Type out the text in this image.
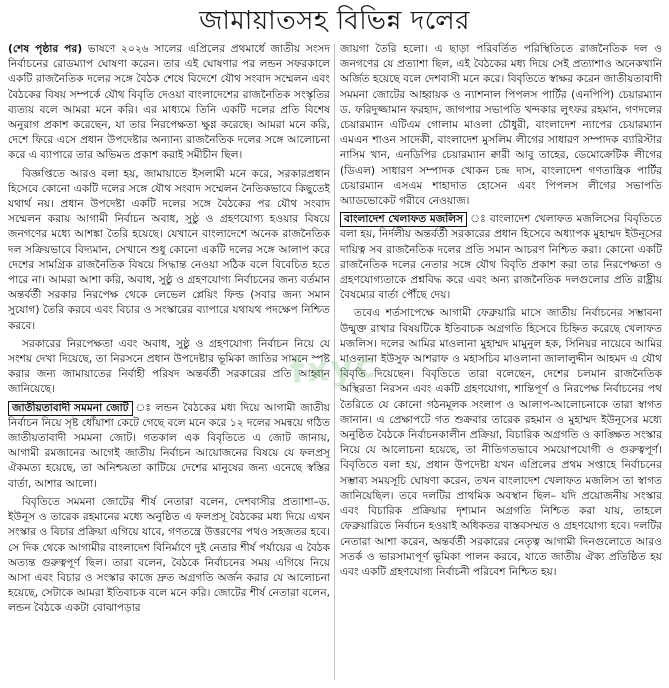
জামায়াতসহ বিভিন্ন দলের

(শেষ পৃষ্ঠার পর) ভাষণে ২০২৬ সালের এপ্রিলের প্রথমার্ধে জাতীয় সংসদ নির্বাচনের রোডম্যাপ ঘোষণা করেন। তার এই ঘোষণার পর লন্ডন সফরকালে একটি রাজনৈতিক দলের সঙ্গে বৈঠক শেষে বিদেশে যৌথ সংবাদ সম্মেলন এবং বৈঠকের বিষয় সম্পর্কে যৌথ বিবৃতি দেওয়া বাংলাদেশের রাজনৈতিক সংস্কৃতির ব্যত্যয় বলে আমরা মনে করি। এর মাধ্যমে তিনি একটি দলের প্রতি বিশেষ অনুরাগ প্রকাশ করেছেন, যা তার নিরপেক্ষতা ক্ষুণ্ণ করেছে। আমরা মনে করি, দেশে ফিরে এসে প্রধান উপদেষ্টার অন্যান্য রাজনৈতিক দলের সঙ্গে আলোচনা করে এ ব্যাপারে তার অভিমত প্রকাশ করাই সমীচীন ছিল।

বিজ্ঞপ্তিতে আরও বলা হয়, জামায়াতে ইসলামী মনে করে, সরকারপ্রধান হিসেবে কোনো একটি দলের সঙ্গে যৌথ সংবাদ সম্মেলন নৈতিকভাবে কিছুতেই যথার্থ নয়। প্রধান উপদেষ্টা একটি দলের সঙ্গে বৈঠকের পর যৌথ সংবাদ সম্মেলন করায় আগামী নির্বাচন অবাধ, সুষ্ঠু ও গ্রহণযোগ্য হওয়ার বিষয়ে জনগণের মধ্যে আশঙ্কা তৈরি হয়েছে। যেখানে বাংলাদেশে অনেক রাজনৈতিক দল সক্রিয়ভাবে বিদ্যমান, সেখানে শুধু কোনো একটি দলের সঙ্গে আলাপ করে দেশের সামগ্রিক রাজনৈতিক বিষয়ে সিদ্ধান্ত নেওয়া সঠিক বলে বিবেচিত হতে পারে না। আমরা আশা করি, অবাধ, সুষ্ঠু ও গ্রহণযোগ্য নির্বাচনের জন্য বর্তমান অন্তর্বর্তী সরকার নিরপেক্ষ থেকে লেভেল প্লেয়িং ফিল্ড (সবার জন্য সমান সুযোগ) তৈরি করবে এবং বিচার ও সংস্কারের ব্যাপারে যথাযথ পদক্ষেপ নিশ্চিত করবে।

সরকারের নিরপেক্ষতা এবং অবাধ, সুষ্ঠু ও গ্রহণযোগ্য নির্বাচন নিয়ে যে সংশয় দেখা দিয়েছে, তা নিরসনে প্রধান উপদেষ্টার ভূমিকা জাতির সামনে স্পষ্ট করার জন্য জামায়াতের নির্বাহী পরিষদ অন্তর্বর্তী সরকারের প্রতি আহ্বান জানিয়েছে।

জাতীয়তাবাদী সমমনা জোট ঃ লন্ডন বৈঠকের মধ্য দিয়ে আগামী জাতীয় নির্বাচন নিয়ে সৃষ্ট ধোঁয়াশা কেটে গেছে বলে মনে করে ১২ দলের সমন্বয়ে গঠিত জাতীয়তাবাদী সমমনা জোট। গতকাল এক বিবৃতিতে এ জোট জানায়, আগামী রমজানের আগেই জাতীয় নির্বাচন আয়োজনের বিষয়ে যে ফলপ্রসূ ঐকমত্য হয়েছে, তা অনিশ্চয়তা কাটিয়ে দেশের মানুষের জন্য এনেছে স্বস্তির বার্তা, আশার আলো।

বিবৃতিতে সমমনা জোটের শীর্ষ নেতারা বলেন, দেশবাসীর প্রত্যাশা–ড. ইউনূস ও তারেক রহমানের মধ্যে অনুষ্ঠিত এ ফলপ্রসূ বৈঠকের মধ্য দিয়ে এখন সংস্কার ও বিচার প্রক্রিয়া এগিয়ে যাবে, গণতন্ত্রে উত্তরণের পথও সহজতর হবে। সে দিক থেকে আগামীর বাংলাদেশ বিনির্মাণে দুই নেতার শীর্ষ পর্যায়ের এ বৈঠক অত্যন্ত গুরুত্বপূর্ণ ছিল। তারা বলেন, বৈঠকে নির্বাচনের সময় এগিয়ে নিয়ে আসা এবং বিচার ও সংস্কার কাজে দ্রুত অগ্রগতি অর্জন করার যে আলোচনা হয়েছে, সেটাকে আমরা ইতিবাচক বলে মনে করি। জোটের শীর্ষ নেতারা বলেন, লন্ডন বৈঠকে একটা বোঝাপড়ার

জায়গা তৈরি হলো। এ ছাড়া পরিবর্তিত পরিস্থিতিতে রাজনৈতিক দল ও জনগণের যে প্রত্যাশা ছিল, এই বৈঠকের মধ্য দিয়ে সেই প্রত্যাশাও অনেকখানি অর্জিত হয়েছে বলে দেশবাসী মনে করে। বিবৃতিতে স্বাক্ষর করেন জাতীয়তাবাদী সমমনা জোটের আহ্বায়ক ও ন্যাশনাল পিপলস পার্টির (এনপিপি) চেয়ারম্যান ড. ফরিদুজ্জামান ফরহাদ, জাগপার সভাপতি খন্দকার লুৎফর রহমান, গণদলের চেয়ারম্যান এটিএম গোলাম মাওলা চৌধুরী, বাংলাদেশ ন্যাপের চেয়ারম্যান এমএন শাওন সাদেকী, বাংলাদেশ মুসলিম লীগের সাধারণ সম্পাদক ব্যারিস্টার নাসিম খান, এনডিপির চেয়ারম্যান ক্বারী আবু তাহের, ডেমোক্রেটিক লীগের (ডিএল) সাধারণ সম্পাদক খোকন চন্দ্র দাস, বাংলাদেশ গণতান্ত্রিক পার্টির চেয়ারম্যান এসএম শাহাদাত হোসেন এবং পিপলস লীগের সভাপতি অ্যাডভোকেট গরীবে নেওয়াজ।

বাংলাদেশ খেলাফত মজলিস ঃ বাংলাদেশ খেলাফত মজলিসের বিবৃতিতে বলা হয়, নির্দলীয় অন্তর্বর্তী সরকারের প্রধান হিসেবে অধ্যাপক মুহাম্মদ ইউনূসের দায়িত্ব সব রাজনৈতিক দলের প্রতি সমান আচরণ নিশ্চিত করা। কোনো একটি রাজনৈতিক দলের নেতার সঙ্গে যৌথ বিবৃতি প্রকাশ করা তার নিরপেক্ষতা ও গ্রহণযোগ্যতাকে প্রশ্নবিদ্ধ করে এবং অন্য রাজনৈতিক দলগুলোর প্রতি রাষ্ট্রীয় বৈষম্যের বার্তা পৌঁছে দেয়।

তবেএ শর্তসাপেক্ষে আগামী ফেব্রুয়ারি মাসে জাতীয় নির্বাচনের সম্ভাবনা উন্মুক্ত রাখার বিষয়টিকে ইতিবাচক অগ্রগতি হিসেবে চিহ্নিত করেছে খেলাফত মজলিস। দলের আমির মাওলানা মুহাম্মদ মামুনুল হক, সিনিয়র নায়েবে আমির মাওলানা ইউসুফ আশরাফ ও মহাসচিব মাওলানা জালালুদ্দীন আহমদ এ যৌথ বিবৃতি দিয়েছেন। বিবৃতিতে তারা বলেছেন, দেশের চলমান রাজনৈতিক অস্থিরতা নিরসন এবং একটি গ্রহণযোগ্য, শান্তিপূর্ণ ও নিরপেক্ষ নির্বাচনের পথ তৈরিতে যে কোনো গঠনমূলক সংলাপ ও আলাপ-আলোচনাকে তারা স্বাগত জানান। এ প্রেক্ষাপটে গত শুক্রবার তারেক রহমান ও মুহাম্মদ ইউনূসের মধ্যে অনুষ্ঠিত বৈঠকে নির্বাচনকালীন প্রক্রিয়া, বিচারিক অগ্রগতি ও কাঙ্ক্ষিত সংস্কার নিয়ে যে আলোচনা হয়েছে, তা নীতিগতভাবে সময়োপযোগী ও গুরুত্বপূর্ণ। বিবৃতিতে বলা হয়, প্রধান উপদেষ্টা যখন এপ্রিলের প্রথম সপ্তাহে নির্বাচনের সম্ভাব্য সময়সূচি ঘোষণা করেন, তখন বাংলাদেশ খেলাফত মজলিস তা স্বাগত জানিয়েছিল। তবে দলটির প্রাথমিক অবস্থান ছিল– যদি প্রয়োজনীয় সংস্কার এবং বিচারিক প্রক্রিয়ার দৃশ্যমান অগ্রগতি নিশ্চিত করা যায়, তাহলে ফেব্রুয়ারিতে নির্বাচন হওয়াই অধিকতর বাস্তবসম্মত ও গ্রহণযোগ্য হবে। দলটির নেতারা আশা করেন, অন্তর্বর্তী সরকারের নেতৃত্ব আগামী দিনগুলোতে আরও সতর্ক ও ভারসাম্যপূর্ণ ভূমিকা পালন করবে, যাতে জাতীয় ঐক্য প্রতিষ্ঠিত হয় এবং একটি গ্রহণযোগ্য নির্বাচনী পরিবেশ নিশ্চিত হয়।

fxyc
